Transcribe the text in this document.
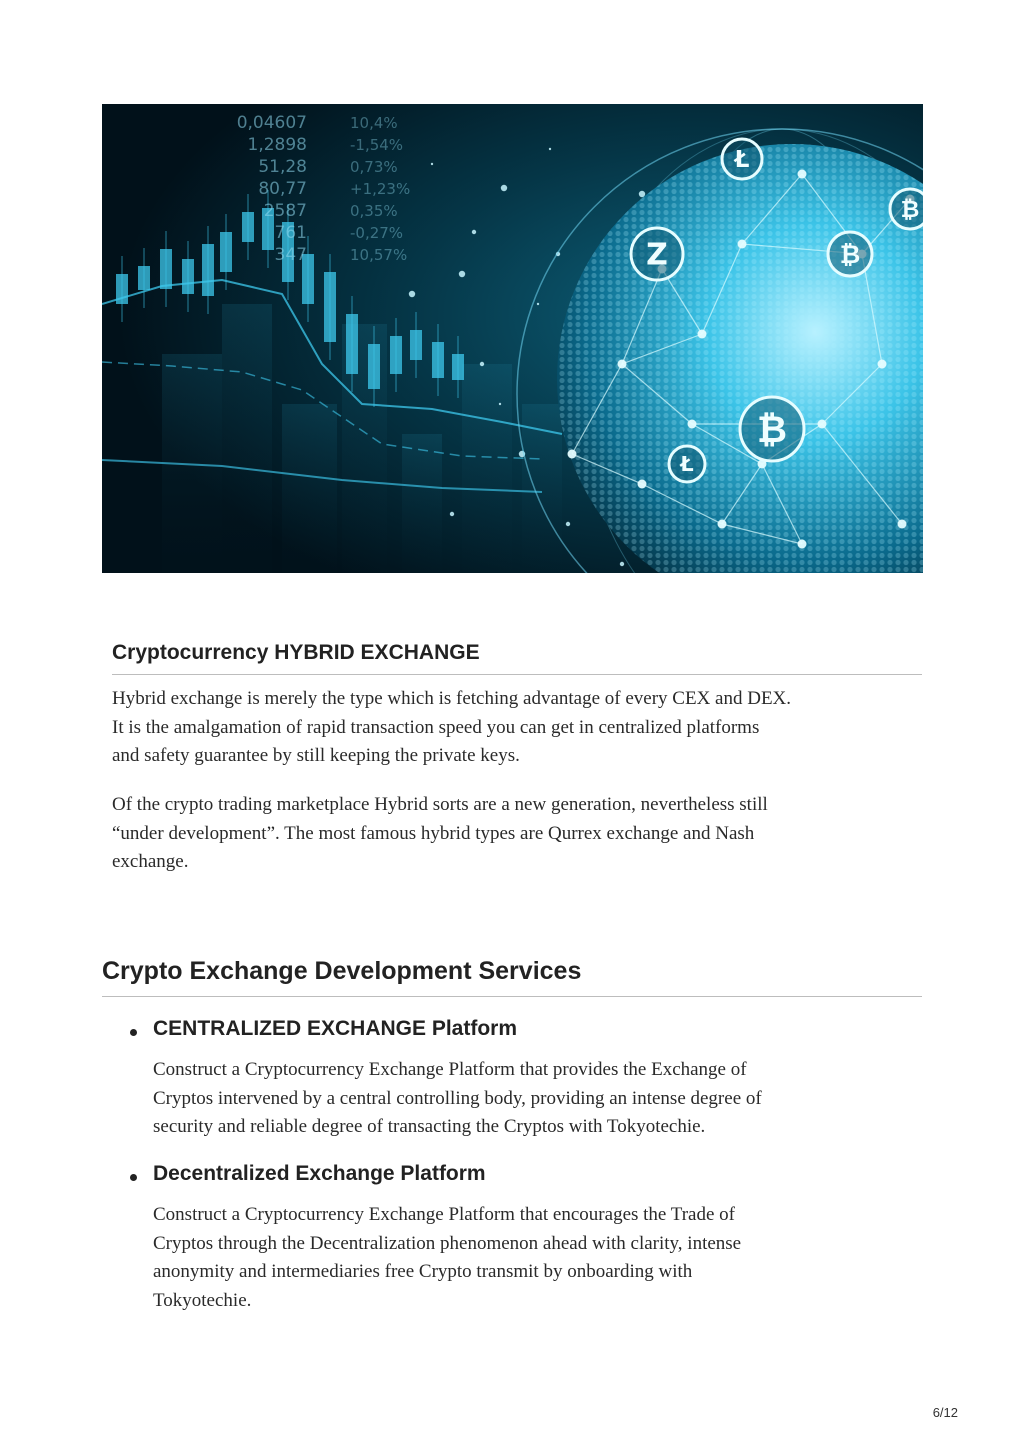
0,04607
1,2898
51,28
80,77
2587
761
347
10,4%
-1,54%
0,73%
+1,23%
0,35%
-0,27%
10,57%
Ł
Z	₿
₿
Ł
₿
Cryptocurrency HYBRID EXCHANGE

Hybrid exchange is merely the type which is fetching advantage of every CEX and DEX.
It is the amalgamation of rapid transaction speed you can get in centralized platforms
and safety guarantee by still keeping the private keys.

Of the crypto trading marketplace Hybrid sorts are a new generation, nevertheless still
“under development”. The most famous hybrid types are Qurrex exchange and Nash
exchange.

Crypto Exchange Development Services
CENTRALIZED EXCHANGE Platform

Construct a Cryptocurrency Exchange Platform that provides the Exchange of
Cryptos intervened by a central controlling body, providing an intense degree of
security and reliable degree of transacting the Cryptos with Tokyotechie.

Decentralized Exchange Platform

Construct a Cryptocurrency Exchange Platform that encourages the Trade of
Cryptos through the Decentralization phenomenon ahead with clarity, intense
anonymity and intermediaries free Crypto transmit by onboarding with
Tokyotechie.

6/12
